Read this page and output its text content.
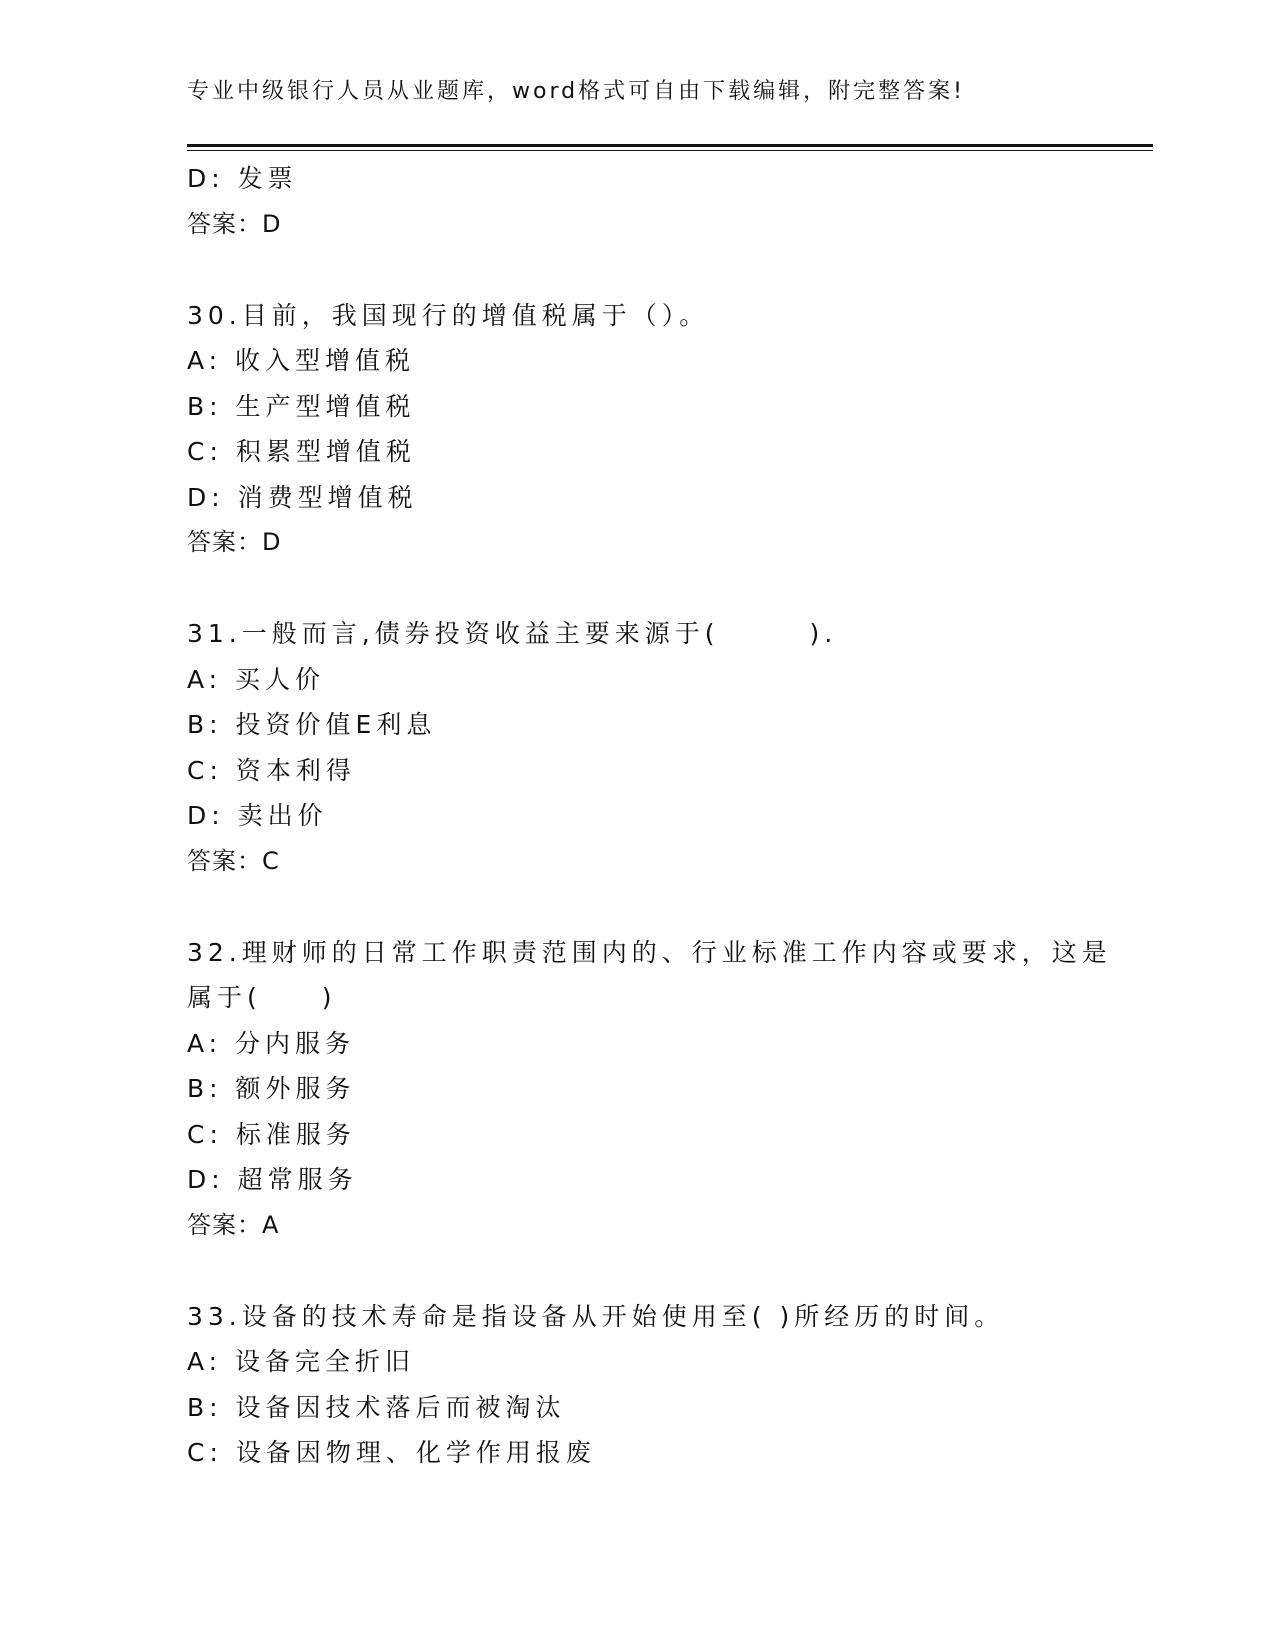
专业中级银行人员从业题库，word格式可自由下载编辑，附完整答案!
D: 发票
答案：D
30.目前，我国现行的增值税属于（）。
A: 收入型增值税
B: 生产型增值税
C: 积累型增值税
D: 消费型增值税
答案：D
31.一般而言,债券投资收益主要来源于(　　　).
A: 买人价
B: 投资价值E利息
C: 资本利得
D: 卖出价
答案：C
32.理财师的日常工作职责范围内的、行业标准工作内容或要求，这是
属于(　　)
A: 分内服务
B: 额外服务
C: 标准服务
D: 超常服务
答案：A
33.设备的技术寿命是指设备从开始使用至( )所经历的时间。
A: 设备完全折旧
B: 设备因技术落后而被淘汰
C: 设备因物理、化学作用报废
